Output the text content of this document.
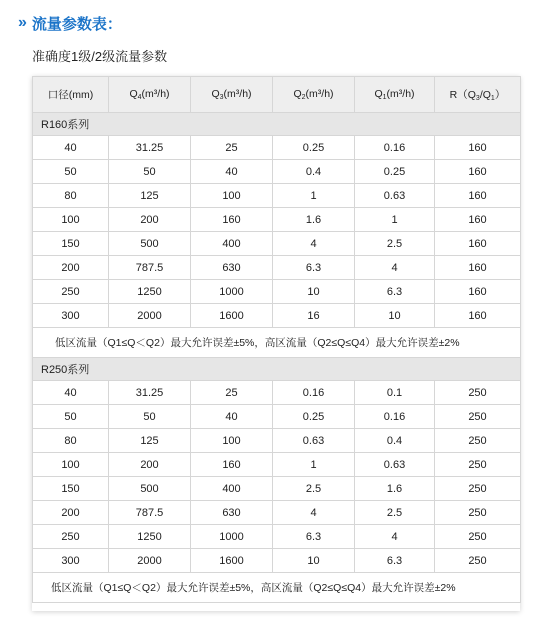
» 流量参数表：
准确度1级/2级流量参数
口径(mm)	$Q_4(m^3/h)$	$Q_3(m^3/h)$	$Q_2(m^3/h)$	$Q_1(m^3/h)$	$R(Q_3/Q_1)$
R160系列					
40	31.25	25	0.25	0.16	160
50	50	40	0.4	0.25	160
80	125	100	1	0.63	160
100	200	160	1.6	1	160
150	500	400	4	2.5	160
200	787.5	630	6.3	4	160
250	1250	1000	10	6.3	160
300	2000	1600	16	10	160
低区流量（Q1≤Q＜Q2）最大允许误差±5%，高区流量（Q2≤Q≤Q4）最大允许误差±2%					
R250系列					
40	31.25	25	0.16	0.1	250
50	50	40	0.25	0.16	250
80	125	100	0.63	0.4	250
100	200	160	1	0.63	250
150	500	400	2.5	1.6	250
200	787.5	630	4	2.5	250
250	1250	1000	6.3	4	250
300	2000	1600	10	6.3	250
低区流量（Q1≤Q＜Q2）最大允许误差±5%，高区流量（Q2≤Q≤Q4）最大允许误差±2%					
